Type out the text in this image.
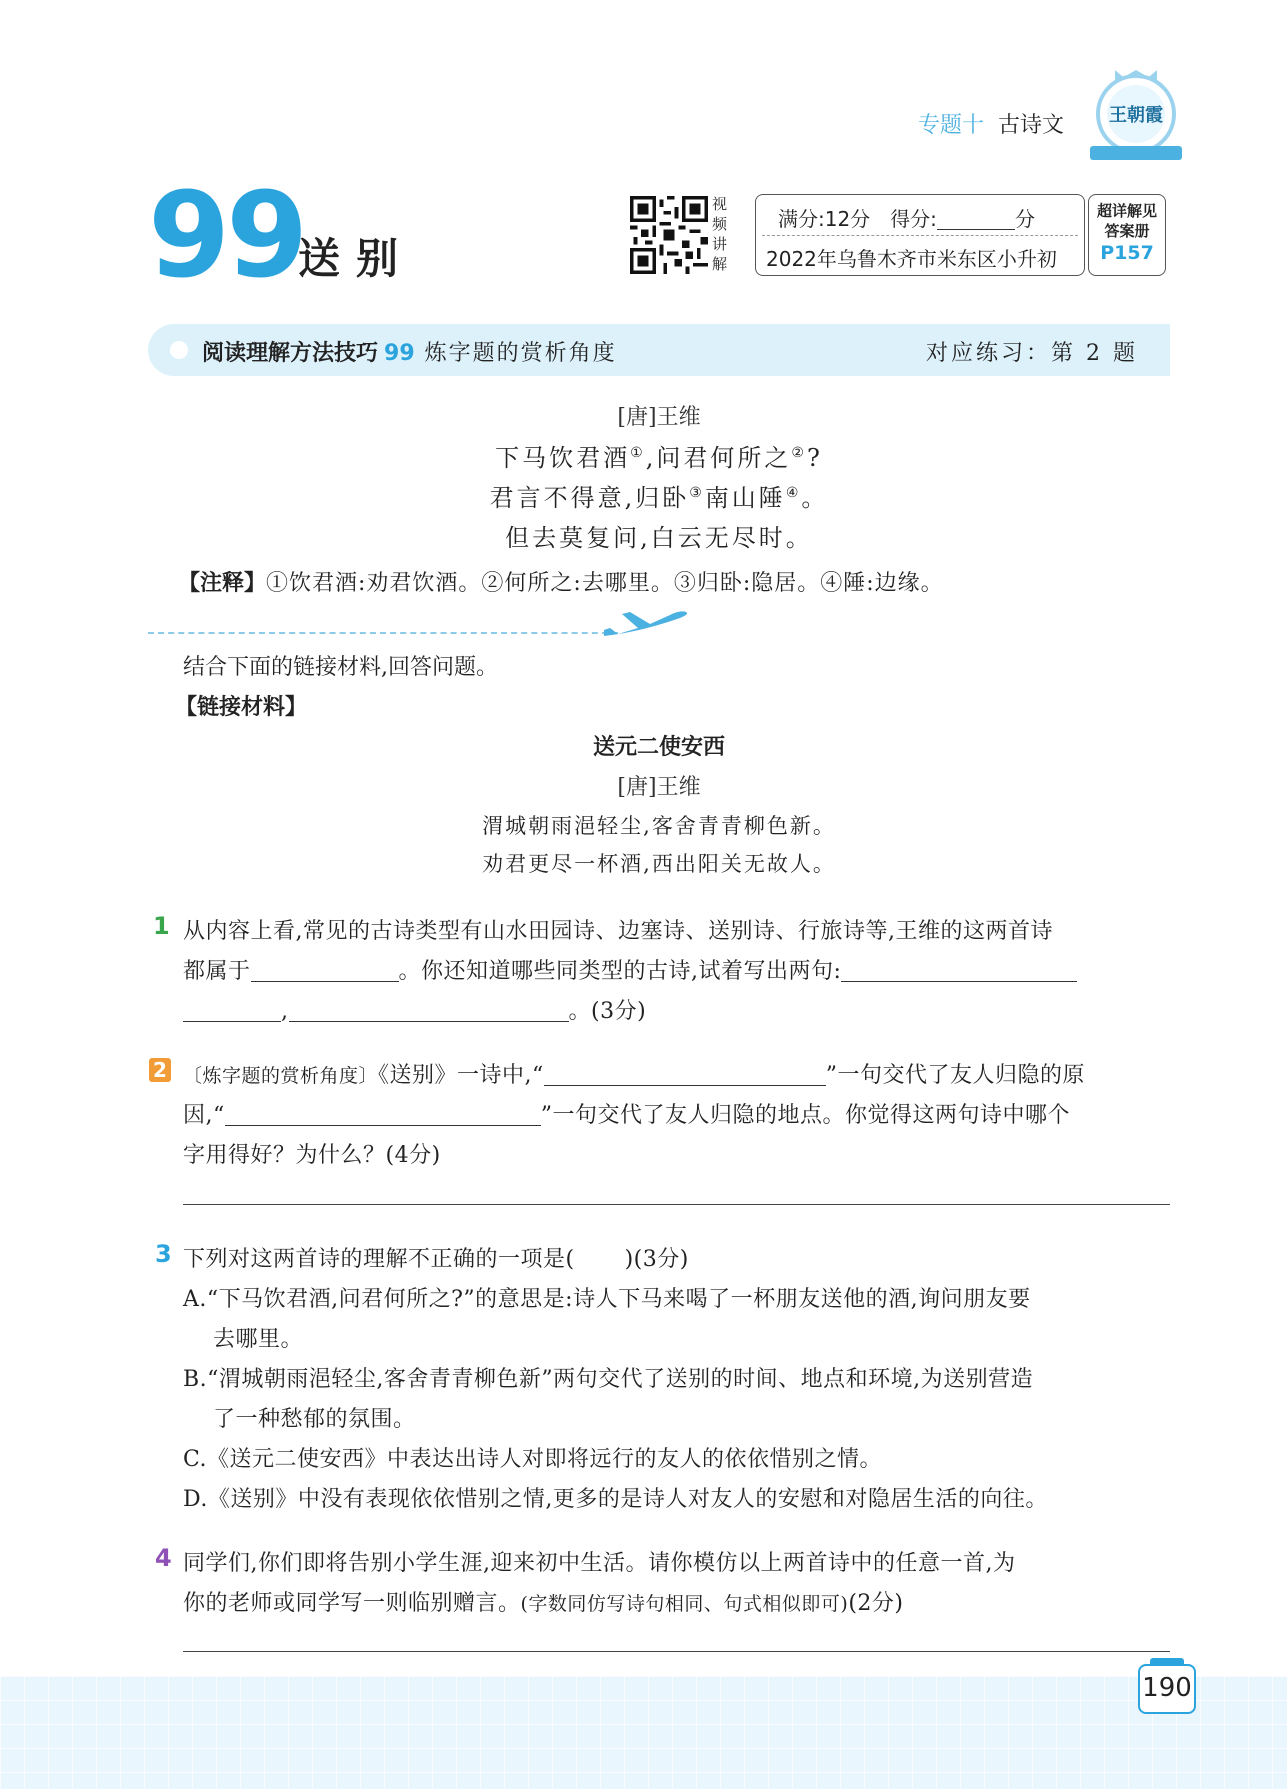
专题十 古诗文 王朝霞
99
送别
视
频
讲
解
满分:12分　得分:	分
2022年乌鲁木齐市米东区小升初
超详解见
答案册
P157
阅读理解方法技巧 99 炼字题的赏析角度	对应练习：第 2 题
[唐]王维
下马饮君酒①,问君何所之②?
君言不得意,归卧③南山陲④。
但去莫复问,白云无尽时。
【注释】①饮君酒:劝君饮酒。②何所之:去哪里。③归卧:隐居。④陲:边缘。
结合下面的链接材料,回答问题。
【链接材料】
送元二使安西
[唐]王维
渭城朝雨浥轻尘,客舍青青柳色新。
劝君更尽一杯酒,西出阳关无故人。
1 从内容上看,常见的古诗类型有山水田园诗、边塞诗、送别诗、行旅诗等,王维的这两首诗
都属于	。你还知道哪些同类型的古诗,试着写出两句:
,	。(3分)
2 〔炼字题的赏析角度〕《送别》一诗中,“	”一句交代了友人归隐的原
因,“	”一句交代了友人归隐的地点。你觉得这两句诗中哪个
字用得好？为什么？(4分)
3 下列对这两首诗的理解不正确的一项是( )(3分)
A.“下马饮君酒,问君何所之?”的意思是:诗人下马来喝了一杯朋友送他的酒,询问朋友要
去哪里。
B.“渭城朝雨浥轻尘,客舍青青柳色新”两句交代了送别的时间、地点和环境,为送别营造
了一种愁郁的氛围。
C.《送元二使安西》中表达出诗人对即将远行的友人的依依惜别之情。
D.《送别》中没有表现依依惜别之情,更多的是诗人对友人的安慰和对隐居生活的向往。
4 同学们,你们即将告别小学生涯,迎来初中生活。请你模仿以上两首诗中的任意一首,为
你的老师或同学写一则临别赠言。(字数同仿写诗句相同、句式相似即可)(2分)
190
